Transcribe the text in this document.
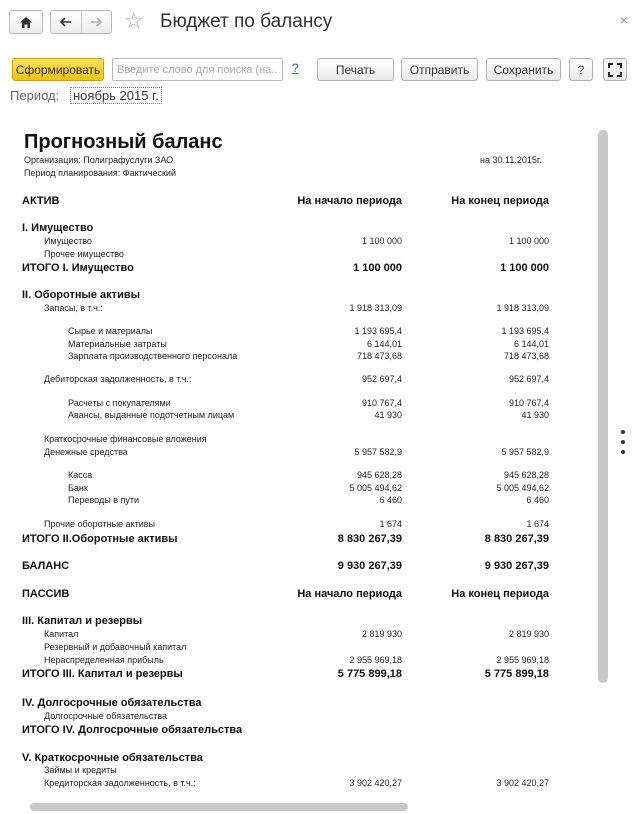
☆ Бюджет по балансу	×
Сформировать
Введите слово для поиска (на...	?	Печать	Отправить	Сохранить	?
Период: ноябрь 2015 г.
Прогнозный баланс
Организация: Полиграфуслуги ЗАО
Период планирования: Фактический
на 30.11.2015г.
АКТИВ	На начало периода	На конец периода
I. Имущество
Имущество	1 100 000	1 100 000
Прочее имущество
ИТОГО I. Имущество	1 100 000	1 100 000
II. Оборотные активы
Запасы, в т.ч.:	1 918 313,09	1 918 313,09
Сырье и материалы	1 193 695,4	1 193 695,4
Материальные затраты	6 144,01	6 144,01
Зарплата производственного персонала	718 473,68	718 473,68
Дебиторская задолженность, в т.ч.:	952 697,4	952 697,4
Расчеты с покупателями	910 767,4	910 767,4
Авансы, выданные подотчетным лицам	41 930	41 930
Краткосрочные финансовые вложения
Денежные средства	5 957 582,9	5 957 582,9
Касса	945 628,28	945 628,28
Банк	5 005 494,62	5 005 494,62
Переводы в пути	6 460	6 460
Прочие оборотные активы	1 674	1 674
ИТОГО II.Оборотные активы	8 830 267,39	8 830 267,39
БАЛАНС	9 930 267,39	9 930 267,39
ПАССИВ	На начало периода	На конец периода
III. Капитал и резервы
Капитал	2 819 930	2 819 930
Резервный и добавочный капитал
Нераспределенная прибыль	2 955 969,18	2 955 969,18
ИТОГО III. Капитал и резервы	5 775 899,18	5 775 899,18
IV. Долгосрочные обязательства
Долгосрочные обязательства
ИТОГО IV. Долгосрочные обязательства
V. Краткосрочные обязательства
Займы и кредиты
Кредиторская задолженность, в т.ч.:	3 902 420,27	3 902 420,27
